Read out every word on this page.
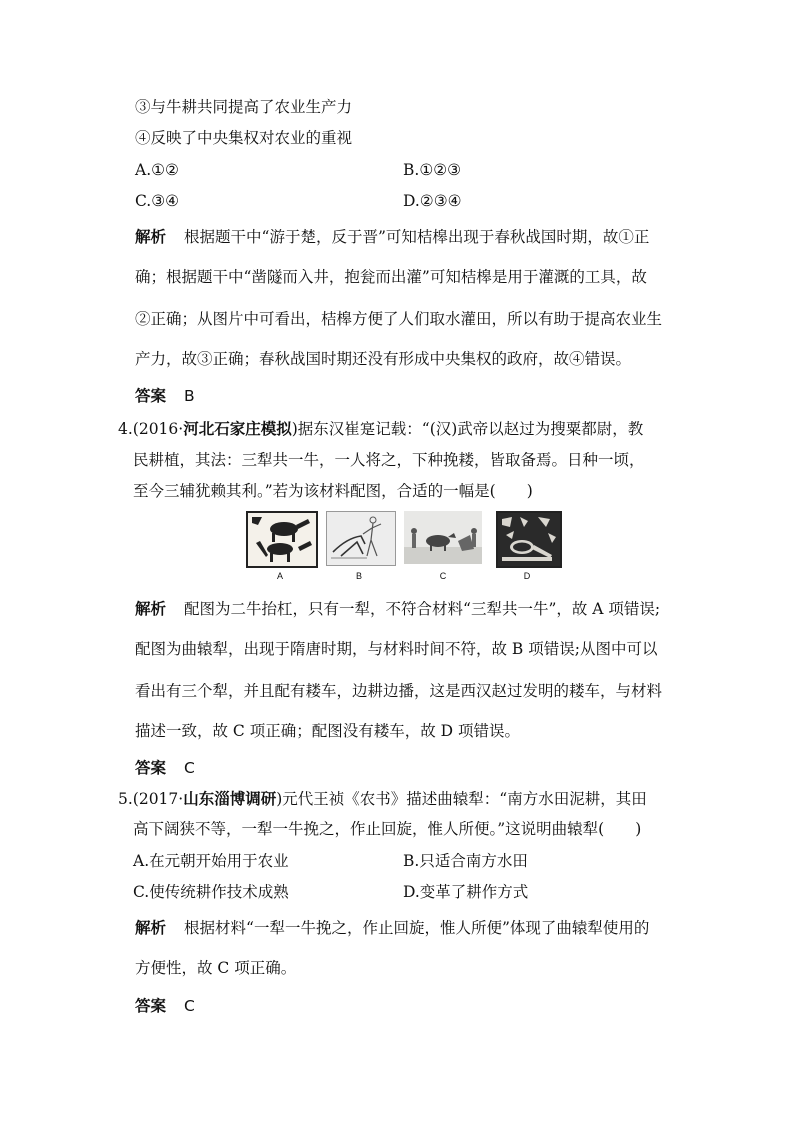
③与牛耕共同提高了农业生产力
④反映了中央集权对农业的重视
A.①②	B.①②③
C.③④	D.②③④
解析 根据题干中“游于楚，反于晋”可知桔槔出现于春秋战国时期，故①正
确；根据题干中“凿隧而入井，抱瓮而出灌”可知桔槔是用于灌溉的工具，故
②正确；从图片中可看出，桔槔方便了人们取水灌田，所以有助于提高农业生
产力，故③正确；春秋战国时期还没有形成中央集权的政府，故④错误。
答案 B
4.(2016·河北石家庄模拟)据东汉崔寔记载：“(汉)武帝以赵过为搜粟都尉，教
民耕植，其法：三犁共一牛，一人将之，下种挽耧，皆取备焉。日种一顷，
至今三辅犹赖其利。”若为该材料配图，合适的一幅是(　　)
A	B	C	D
解析 配图为二牛抬杠，只有一犁，不符合材料“三犁共一牛”，故 A 项错误;
配图为曲辕犁，出现于隋唐时期，与材料时间不符，故 B 项错误;从图中可以
看出有三个犁，并且配有耧车，边耕边播，这是西汉赵过发明的耧车，与材料
描述一致，故 C 项正确；配图没有耧车，故 D 项错误。
答案 C
5.(2017·山东淄博调研)元代王祯《农书》描述曲辕犁：“南方水田泥耕，其田
高下阔狭不等，一犁一牛挽之，作止回旋，惟人所便。”这说明曲辕犁(　　)
A.在元朝开始用于农业	B.只适合南方水田
C.使传统耕作技术成熟	D.变革了耕作方式
解析 根据材料“一犁一牛挽之，作止回旋，惟人所便”体现了曲辕犁使用的
方便性，故 C 项正确。
答案 C
